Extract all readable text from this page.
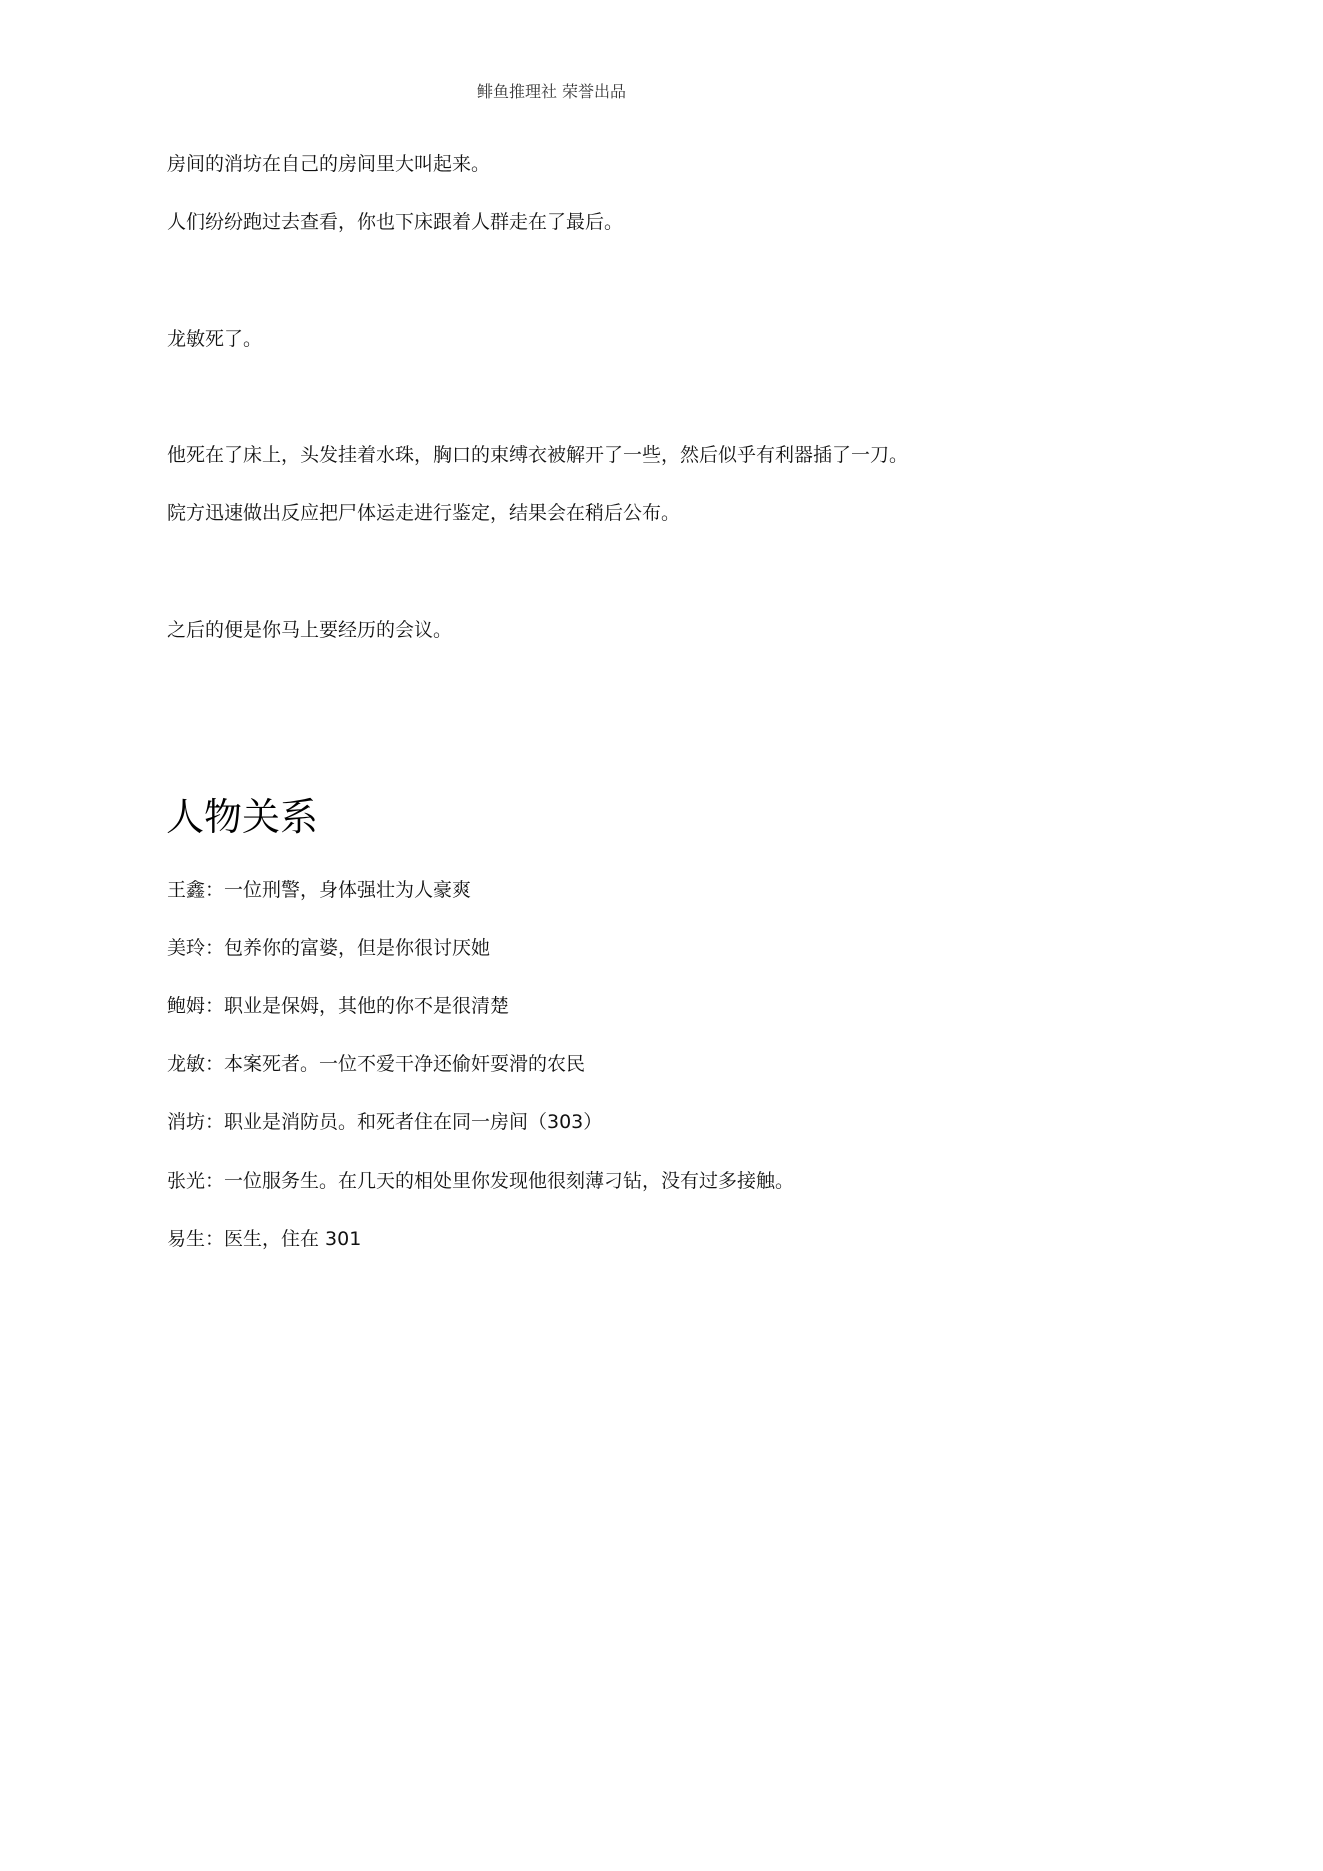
鲱鱼推理社 荣誉出品
房间的消坊在自己的房间里大叫起来。
人们纷纷跑过去查看，你也下床跟着人群走在了最后。
龙敏死了。
他死在了床上，头发挂着水珠，胸口的束缚衣被解开了一些，然后似乎有利器插了一刀。
院方迅速做出反应把尸体运走进行鉴定，结果会在稍后公布。
之后的便是你马上要经历的会议。
人物关系
王鑫：一位刑警，身体强壮为人豪爽
美玲：包养你的富婆，但是你很讨厌她
鲍姆：职业是保姆，其他的你不是很清楚
龙敏：本案死者。一位不爱干净还偷奸耍滑的农民
消坊：职业是消防员。和死者住在同一房间（303）
张光：一位服务生。在几天的相处里你发现他很刻薄刁钻，没有过多接触。
易生：医生，住在 301
